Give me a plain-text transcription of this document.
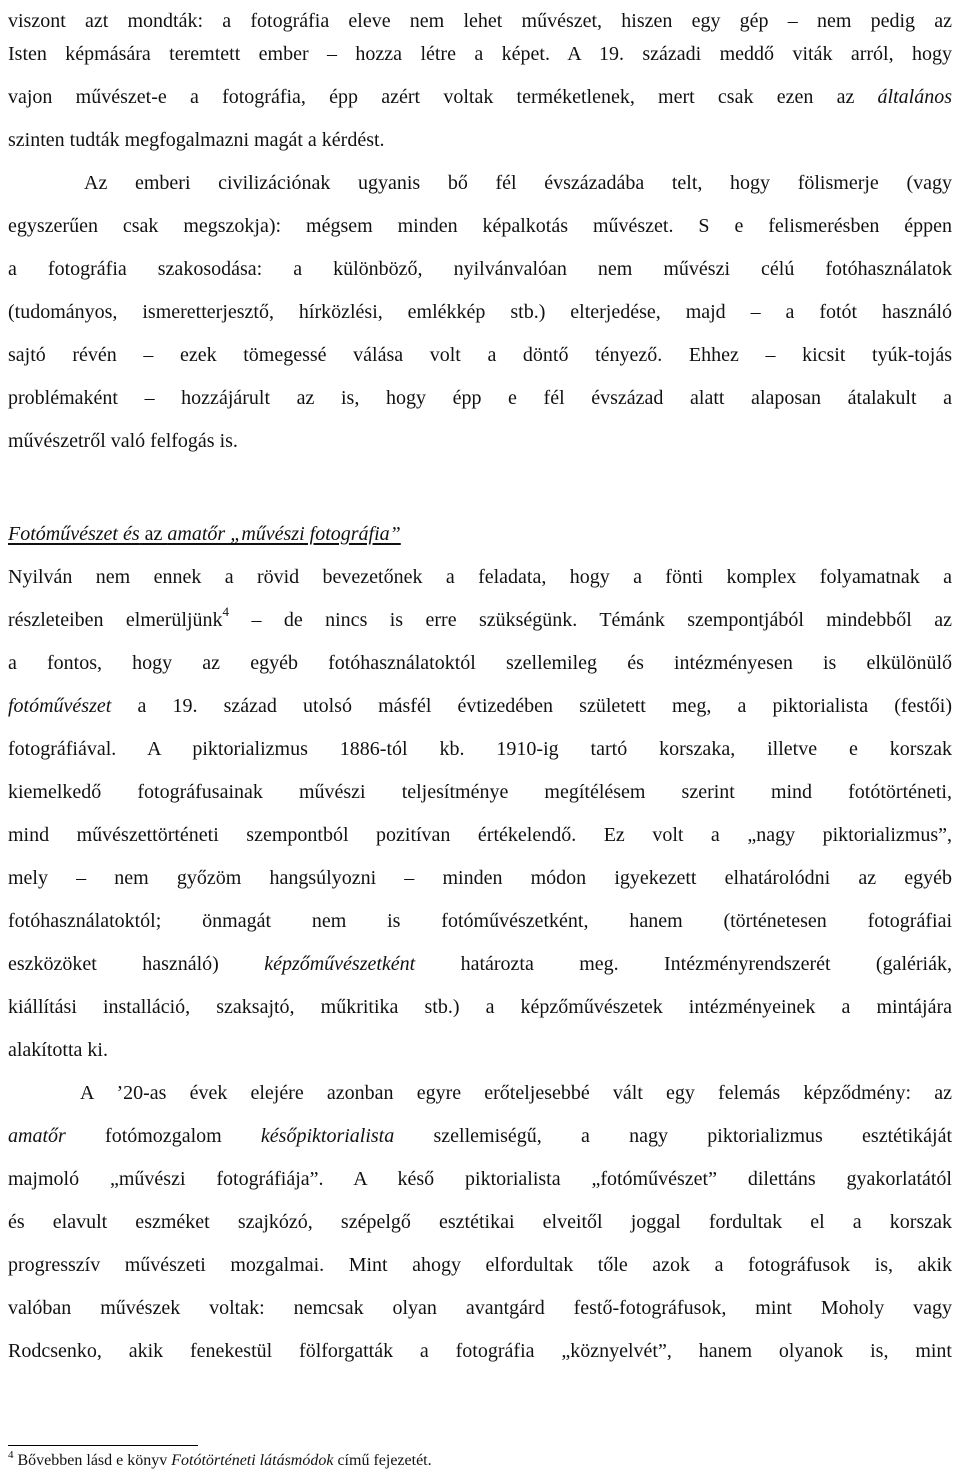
viszont azt mondták: a fotográfia eleve nem lehet művészet, hiszen egy gép – nem pedig az
Isten képmására teremtett ember – hozza létre a képet. A 19. századi meddő viták arról, hogy
vajon művészet-e a fotográfia, épp azért voltak terméketlenek, mert csak ezen az általános
szinten tudták megfogalmazni magát a kérdést.
Az emberi civilizációnak ugyanis bő fél évszázadába telt, hogy fölismerje (vagy
egyszerűen csak megszokja): mégsem minden képalkotás művészet. S e felismerésben éppen
a fotográfia szakosodása: a különböző, nyilvánvalóan nem művészi célú fotóhasználatok
(tudományos, ismeretterjesztő, hírközlési, emlékkép stb.) elterjedése, majd – a fotót használó
sajtó révén – ezek tömegessé válása volt a döntő tényező. Ehhez – kicsit tyúk-tojás
problémaként – hozzájárult az is, hogy épp e fél évszázad alatt alaposan átalakult a
művészetről való felfogás is.
Fotóművészet és az amatőr „művészi fotográfia”
Nyilván nem ennek a rövid bevezetőnek a feladata, hogy a fönti komplex folyamatnak a
részleteiben elmerüljünk$^4$ – de nincs is erre szükségünk. Témánk szempontjából mindebből az
a fontos, hogy az egyéb fotóhasználatoktól szellemileg és intézményesen is elkülönülő
fotóművészet a 19. század utolsó másfél évtizedében született meg, a piktorialista (festői)
fotográfiával. A piktorializmus 1886-tól kb. 1910-ig tartó korszaka, illetve e korszak
kiemelkedő fotográfusainak művészi teljesítménye megítélésem szerint mind fotótörténeti,
mind művészettörténeti szempontból pozitívan értékelendő. Ez volt a „nagy piktorializmus”,
mely – nem győzöm hangsúlyozni – minden módon igyekezett elhatárolódni az egyéb
fotóhasználatoktól; önmagát nem is fotóművészetként, hanem (történetesen fotográfiai
eszközöket használó) képzőművészetként határozta meg. Intézményrendszerét (galériák,
kiállítási installáció, szaksajtó, műkritika stb.) a képzőművészetek intézményeinek a mintájára
alakította ki.
A ’20-as évek elejére azonban egyre erőteljesebbé vált egy felemás képződmény: az
amatőr fotómozgalom későpiktorialista szellemiségű, a nagy piktorializmus esztétikáját
majmoló „művészi fotográfiája”. A késő piktorialista „fotóművészet” dilettáns gyakorlatától
és elavult eszméket szajkózó, szépelgő esztétikai elveitől joggal fordultak el a korszak
progresszív művészeti mozgalmai. Mint ahogy elfordultak tőle azok a fotográfusok is, akik
valóban művészek voltak: nemcsak olyan avantgárd festő-fotográfusok, mint Moholy vagy
Rodcsenko, akik fenekestül fölforgatták a fotográfia „köznyelvét”, hanem olyanok is, mint
$^4$ Bővebben lásd e könyv Fotótörténeti látásmódok című fejezetét.
